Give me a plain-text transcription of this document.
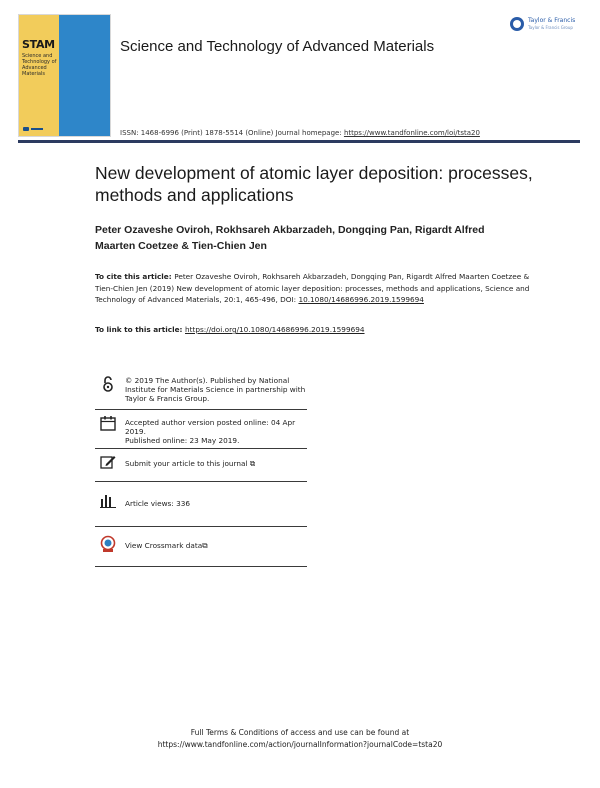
STAM
Science and Technology of Advanced Materials
Science and Technology of Advanced Materials
Taylor & Francis
Taylor & Francis Group
ISSN: 1468-6996 (Print) 1878-5514 (Online) Journal homepage: https://www.tandfonline.com/loi/tsta20
New development of atomic layer deposition: processes, methods and applications
Peter Ozaveshe Oviroh, Rokhsareh Akbarzadeh, Dongqing Pan, Rigardt Alfred Maarten Coetzee & Tien-Chien Jen
To cite this article: Peter Ozaveshe Oviroh, Rokhsareh Akbarzadeh, Dongqing Pan, Rigardt Alfred Maarten Coetzee & Tien-Chien Jen (2019) New development of atomic layer deposition: processes, methods and applications, Science and Technology of Advanced Materials, 20:1, 465-496, DOI: 10.1080/14686996.2019.1599694
To link to this article: https://doi.org/10.1080/14686996.2019.1599694
© 2019 The Author(s). Published by National Institute for Materials Science in partnership with Taylor & Francis Group.
Accepted author version posted online: 04 Apr 2019.
Published online: 23 May 2019.
Submit your article to this journal ⧉
Article views: 336
View Crossmark data⧉
Full Terms & Conditions of access and use can be found at
https://www.tandfonline.com/action/journalInformation?journalCode=tsta20
